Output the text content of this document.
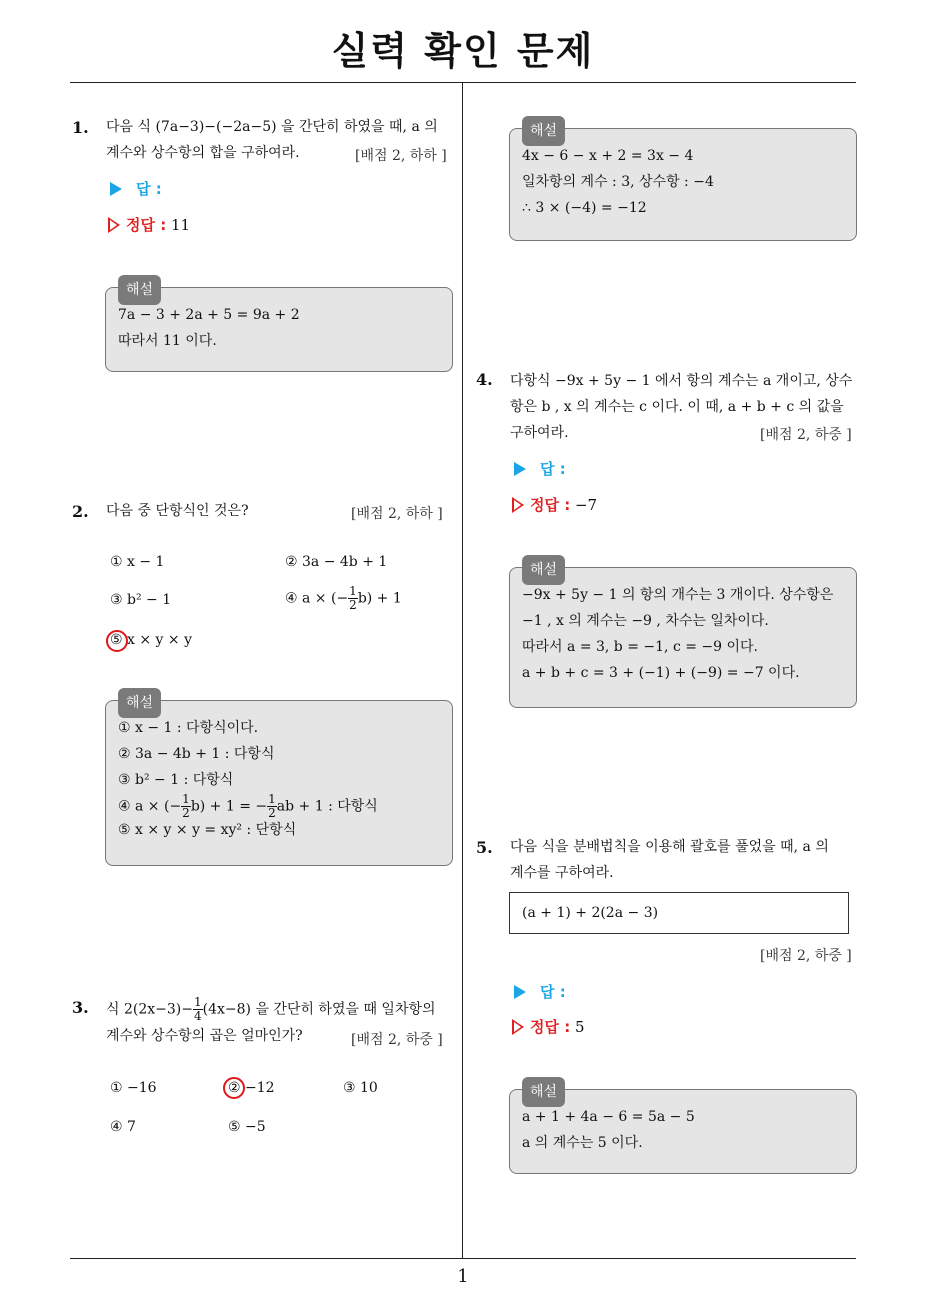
실력 확인 문제
1
1. 다음 식 (7a−3)−(−2a−5) 을 간단히 하였을 때, a 의
계수와 상수항의 합을 구하여라.	[배점 2, 하하 ]
답 :
정답 : 11
해설
7a − 3 + 2a + 5 = 9a + 2
따라서 11 이다.
2. 다음 중 단항식인 것은?	[배점 2, 하하 ]
① x − 1	② 3a − 4b + 1
③ b² − 1	④ a × (− $\frac{1}{2} b) + 1$
⑤ x × y × y
해설
① x − 1 : 다항식이다.
② 3a − 4b + 1 : 다항식
③ b² − 1 : 다항식
④ a × (− $\frac{1}{2} b) + 1$ = − $\frac{1}{2}$ ab + 1 : 다항식
⑤ x × y × y = xy² : 단항식
3. 식 $2(2x-3)- \frac{1}{4} (4x-8)$ 을 간단히 하였을 때 일차항의
계수와 상수항의 곱은 얼마인가?	[배점 2, 하중 ]
① −16	② −12	③ 10
④ 7	⑤ −5
해설
4x − 6 − x + 2 = 3x − 4
일차항의 계수 : 3, 상수항 : −4
∴ 3 × (−4) = −12
4. 다항식 −9x + 5y − 1 에서 항의 계수는 a 개이고, 상수
항은 b , x 의 계수는 c 이다. 이 때, a + b + c 의 값을
구하여라.	[배점 2, 하중 ]
답 :
정답 : −7
해설
−9x + 5y − 1 의 항의 개수는 3 개이다. 상수항은
−1 , x 의 계수는 −9 , 차수는 일차이다.
따라서 a = 3, b = −1, c = −9 이다.
a + b + c = 3 + (−1) + (−9) = −7 이다.
5. 다음 식을 분배법칙을 이용해 괄호를 풀었을 때, a 의
계수를 구하여라.
(a + 1) + 2(2a − 3)
[배점 2, 하중 ]
답 :
정답 : 5
해설
a + 1 + 4a − 6 = 5a − 5
a 의 계수는 5 이다.
